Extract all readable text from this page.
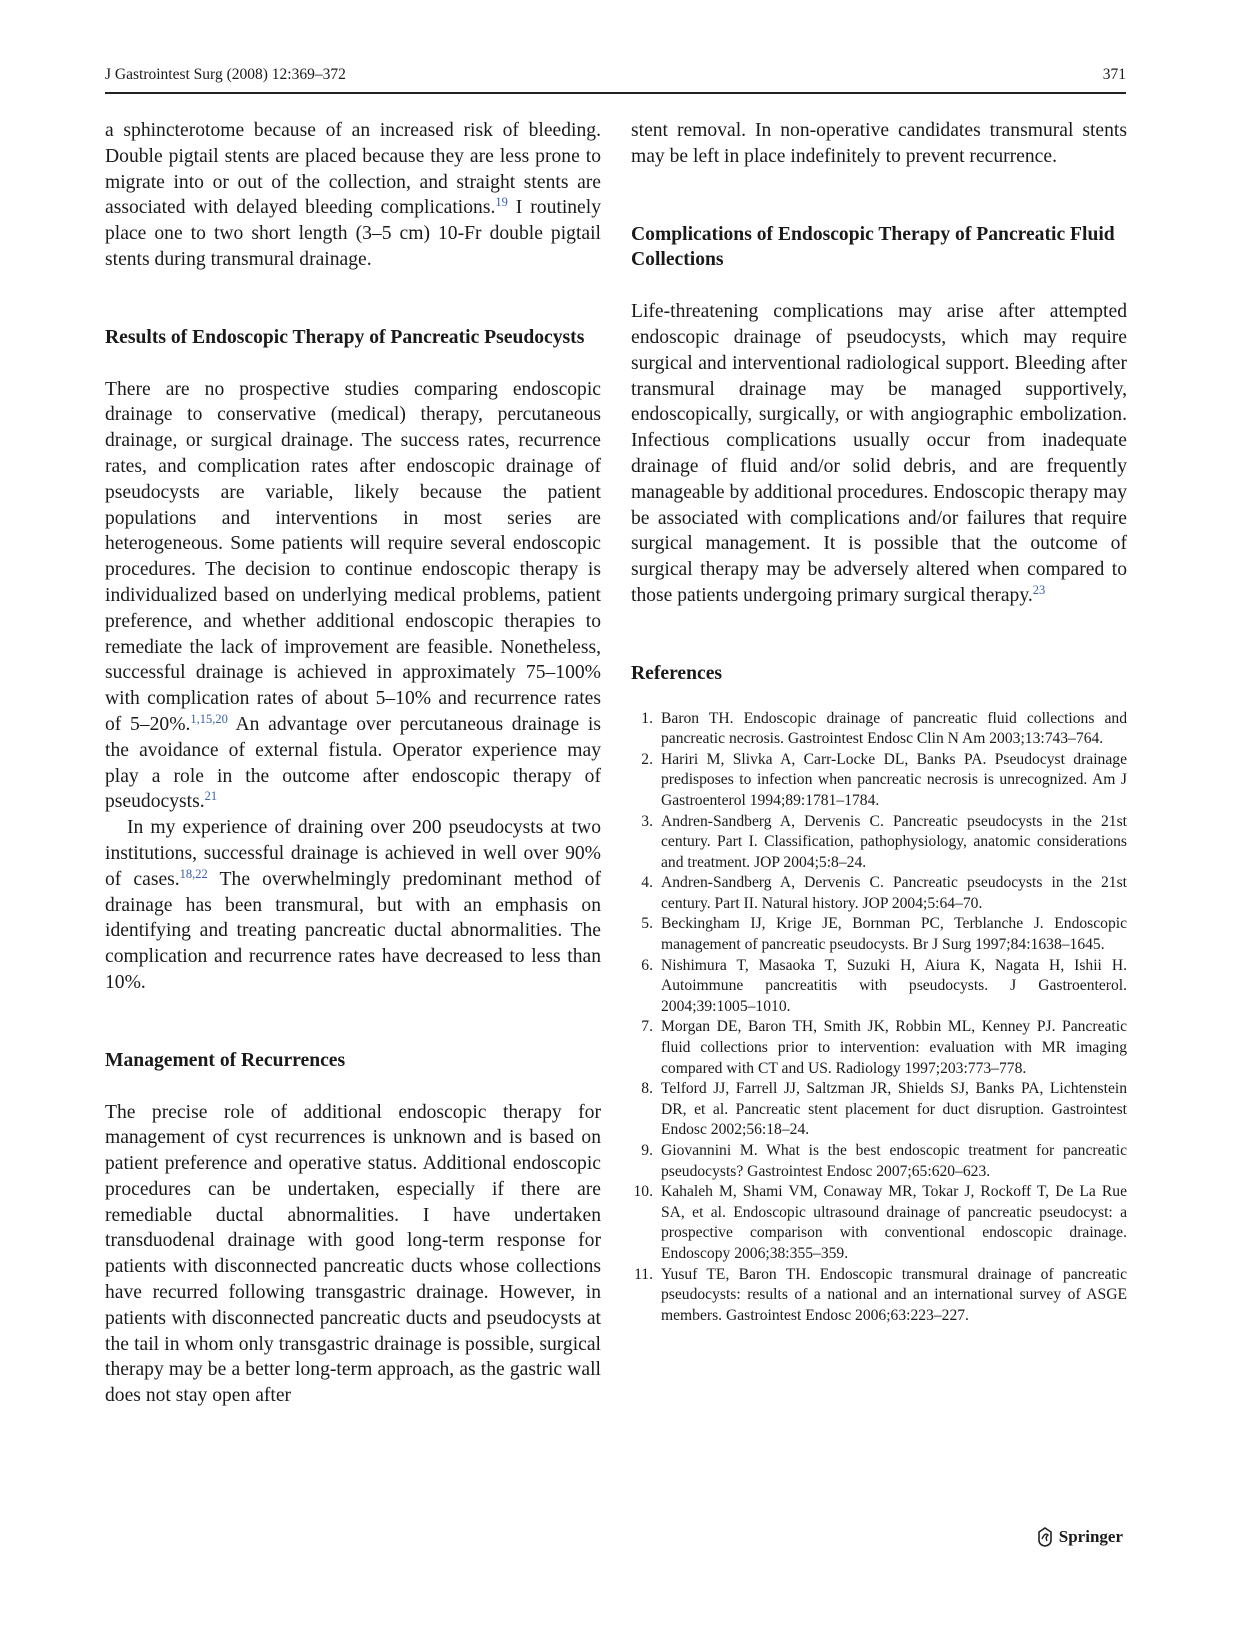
J Gastrointest Surg (2008) 12:369–372	371

a sphincterotome because of an increased risk of bleeding. Double pigtail stents are placed because they are less prone to migrate into or out of the collection, and straight stents are associated with delayed bleeding complications.$^{19}$ I routinely place one to two short length (3–5 cm) 10-Fr double pigtail stents during transmural drainage.

Results of Endoscopic Therapy of Pancreatic Pseudocysts

There are no prospective studies comparing endoscopic drainage to conservative (medical) therapy, percutaneous drainage, or surgical drainage. The success rates, recurrence rates, and complication rates after endoscopic drainage of pseudocysts are variable, likely because the patient populations and interventions in most series are heterogeneous. Some patients will require several endoscopic procedures. The decision to continue endoscopic therapy is individualized based on underlying medical problems, patient preference, and whether additional endoscopic therapies to remediate the lack of improvement are feasible. Nonetheless, successful drainage is achieved in approximately 75–100% with complication rates of about 5–10% and recurrence rates of 5–20%.$^{1,15,20}$ An advantage over percutaneous drainage is the avoidance of external fistula. Operator experience may play a role in the outcome after endoscopic therapy of pseudocysts.$^{21}$

In my experience of draining over 200 pseudocysts at two institutions, successful drainage is achieved in well over 90% of cases.$^{18,22}$ The overwhelmingly predominant method of drainage has been transmural, but with an emphasis on identifying and treating pancreatic ductal abnormalities. The complication and recurrence rates have decreased to less than 10%.

Management of Recurrences

The precise role of additional endoscopic therapy for management of cyst recurrences is unknown and is based on patient preference and operative status. Additional endoscopic procedures can be undertaken, especially if there are remediable ductal abnormalities. I have undertaken transduodenal drainage with good long-term response for patients with disconnected pancreatic ducts whose collections have recurred following transgastric drainage. However, in patients with disconnected pancreatic ducts and pseudocysts at the tail in whom only transgastric drainage is possible, surgical therapy may be a better long-term approach, as the gastric wall does not stay open after

stent removal. In non-operative candidates transmural stents may be left in place indefinitely to prevent recurrence.

Complications of Endoscopic Therapy of Pancreatic Fluid Collections

Life-threatening complications may arise after attempted endoscopic drainage of pseudocysts, which may require surgical and interventional radiological support. Bleeding after transmural drainage may be managed supportively, endoscopically, surgically, or with angiographic embolization. Infectious complications usually occur from inadequate drainage of fluid and/or solid debris, and are frequently manageable by additional procedures. Endoscopic therapy may be associated with complications and/or failures that require surgical management. It is possible that the outcome of surgical therapy may be adversely altered when compared to those patients undergoing primary surgical therapy.$^{23}$

References
1. Baron TH. Endoscopic drainage of pancreatic fluid collections and pancreatic necrosis. Gastrointest Endosc Clin N Am 2003;13:743–764.
2. Hariri M, Slivka A, Carr-Locke DL, Banks PA. Pseudocyst drainage predisposes to infection when pancreatic necrosis is unrecognized. Am J Gastroenterol 1994;89:1781–1784.
3. Andren-Sandberg A, Dervenis C. Pancreatic pseudocysts in the 21st century. Part I. Classification, pathophysiology, anatomic considerations and treatment. JOP 2004;5:8–24.
4. Andren-Sandberg A, Dervenis C. Pancreatic pseudocysts in the 21st century. Part II. Natural history. JOP 2004;5:64–70.
5. Beckingham IJ, Krige JE, Bornman PC, Terblanche J. Endoscopic management of pancreatic pseudocysts. Br J Surg 1997;84:1638–1645.
6. Nishimura T, Masaoka T, Suzuki H, Aiura K, Nagata H, Ishii H. Autoimmune pancreatitis with pseudocysts. J Gastroenterol. 2004;39:1005–1010.
7. Morgan DE, Baron TH, Smith JK, Robbin ML, Kenney PJ. Pancreatic fluid collections prior to intervention: evaluation with MR imaging compared with CT and US. Radiology 1997;203:773–778.
8. Telford JJ, Farrell JJ, Saltzman JR, Shields SJ, Banks PA, Lichtenstein DR, et al. Pancreatic stent placement for duct disruption. Gastrointest Endosc 2002;56:18–24.
9. Giovannini M. What is the best endoscopic treatment for pancreatic pseudocysts? Gastrointest Endosc 2007;65:620–623.
10. Kahaleh M, Shami VM, Conaway MR, Tokar J, Rockoff T, De La Rue SA, et al. Endoscopic ultrasound drainage of pancreatic pseudocyst: a prospective comparison with conventional endoscopic drainage. Endoscopy 2006;38:355–359.
11. Yusuf TE, Baron TH. Endoscopic transmural drainage of pancreatic pseudocysts: results of a national and an international survey of ASGE members. Gastrointest Endosc 2006;63:223–227.
Springer
